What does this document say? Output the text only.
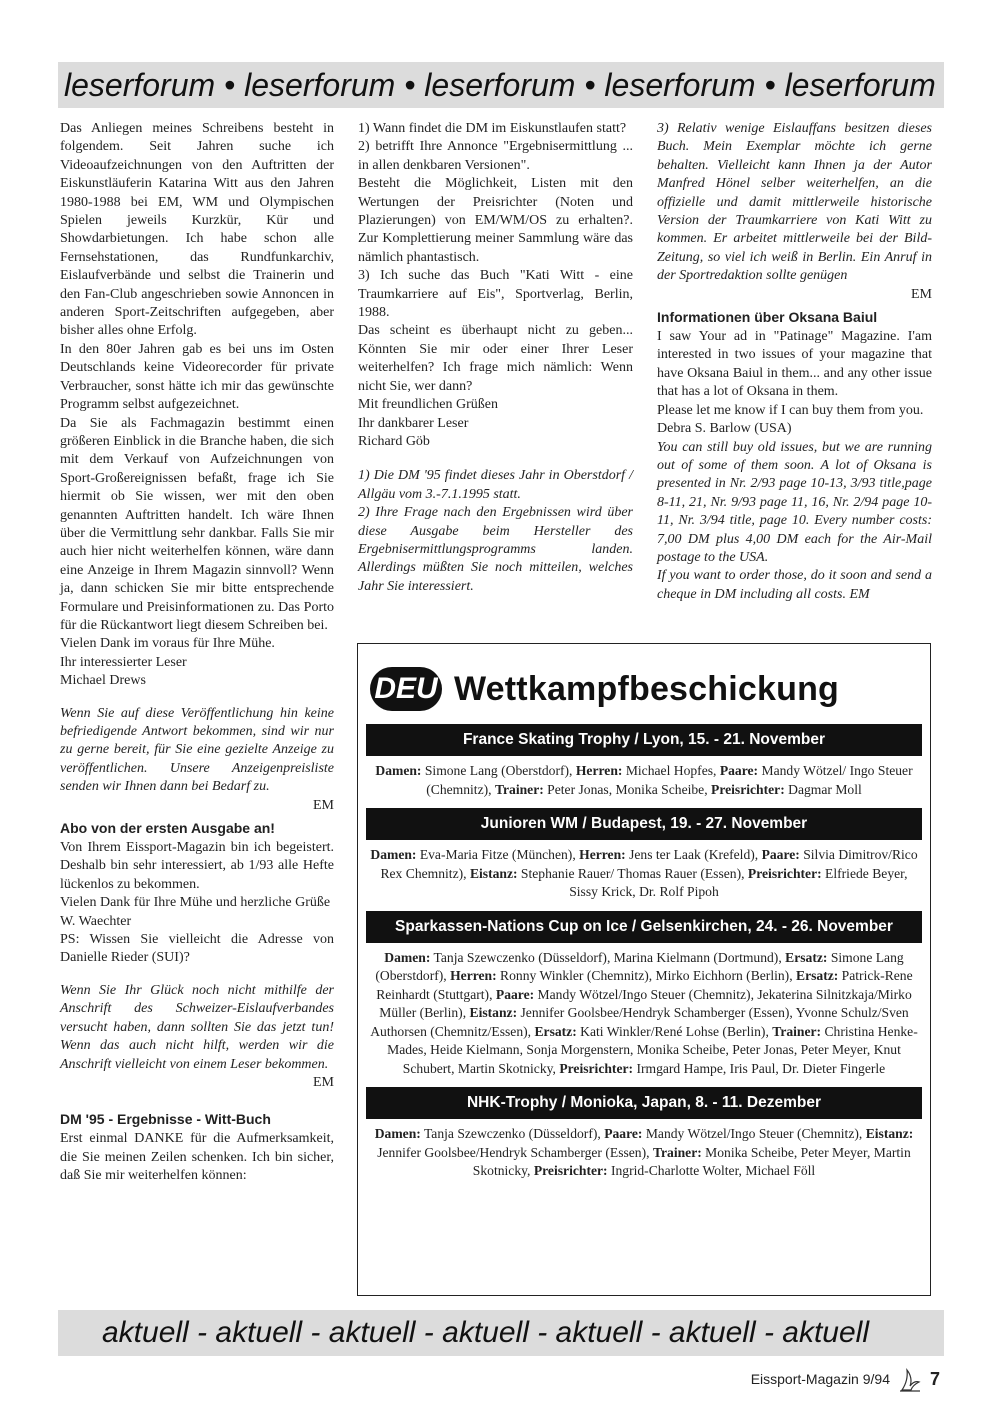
leserforum • leserforum • leserforum • leserforum • leserforum

Das Anliegen meines Schreibens besteht in folgendem. Seit Jahren suche ich Videoaufzeichnungen von den Auftritten der Eiskunstläuferin Katarina Witt aus den Jahren 1980-1988 bei EM, WM und Olympischen Spielen jeweils Kurzkür, Kür und Showdarbietungen. Ich habe schon alle Fernsehstationen, das Rundfunkarchiv, Eislaufverbände und selbst die Trainerin und den Fan-Club angeschrieben sowie Annoncen in anderen Sport-Zeitschriften aufgegeben, aber bisher alles ohne Erfolg.

In den 80er Jahren gab es bei uns im Osten Deutschlands keine Videorecorder für private Verbraucher, sonst hätte ich mir das gewünschte Programm selbst aufgezeichnet.

Da Sie als Fachmagazin bestimmt einen größeren Einblick in die Branche haben, die sich mit dem Verkauf von Aufzeichnungen von Sport-Großereignissen befaßt, frage ich Sie hiermit ob Sie wissen, wer mit den oben genannten Auftritten handelt. Ich wäre Ihnen über die Vermittlung sehr dankbar. Falls Sie mir auch hier nicht weiterhelfen können, wäre dann eine Anzeige in Ihrem Magazin sinnvoll? Wenn ja, dann schicken Sie mir bitte entsprechende Formulare und Preisinformationen zu. Das Porto für die Rückantwort liegt diesem Schreiben bei.

Vielen Dank im voraus für Ihre Mühe.

Ihr interessierter Leser

Michael Drews

Wenn Sie auf diese Veröffentlichung hin keine befriedigende Antwort bekommen, sind wir nur zu gerne bereit, für Sie eine gezielte Anzeige zu veröffentlichen. Unsere Anzeigenpreisliste senden wir Ihnen dann bei Bedarf zu.

EM

Abo von der ersten Ausgabe an!

Von Ihrem Eissport-Magazin bin ich begeistert. Deshalb bin sehr interessiert, ab 1/93 alle Hefte lückenlos zu bekommen.

Vielen Dank für Ihre Mühe und herzliche Grüße

W. Waechter

PS: Wissen Sie vielleicht die Adresse von Danielle Rieder (SUI)?

Wenn Sie Ihr Glück noch nicht mithilfe der Anschrift des Schweizer-Eislaufverbandes versucht haben, dann sollten Sie das jetzt tun! Wenn das auch nicht hilft, werden wir die Anschrift vielleicht von einem Leser bekommen.

EM

DM '95 - Ergebnisse - Witt-Buch

Erst einmal DANKE für die Aufmerksamkeit, die Sie meinen Zeilen schenken. Ich bin sicher, daß Sie mir weiterhelfen können:

1) Wann findet die DM im Eiskunstlaufen statt?

2) betrifft Ihre Annonce "Ergebnisermittlung ... in allen denkbaren Versionen".

Besteht die Möglichkeit, Listen mit den Wertungen der Preisrichter (Noten und Plazierungen) von EM/WM/OS zu erhalten?. Zur Komplettierung meiner Sammlung wäre das nämlich phantastisch.

3) Ich suche das Buch "Kati Witt - eine Traumkarriere auf Eis", Sportverlag, Berlin, 1988.

Das scheint es überhaupt nicht zu geben... Könnten Sie mir oder einer Ihrer Leser weiterhelfen? Ich frage mich nämlich: Wenn nicht Sie, wer dann?

Mit freundlichen Grüßen

Ihr dankbarer Leser

Richard Göb

1) Die DM '95 findet dieses Jahr in Oberstdorf / Allgäu vom 3.-7.1.1995 statt.

2) Ihre Frage nach den Ergebnissen wird über diese Ausgabe beim Hersteller des Ergebnisermittlungsprogramms landen. Allerdings müßten Sie noch mitteilen, welches Jahr Sie interessiert.

3) Relativ wenige Eislauffans besitzen dieses Buch. Mein Exemplar möchte ich gerne behalten. Vielleicht kann Ihnen ja der Autor Manfred Hönel selber weiterhelfen, an die offizielle und damit mittlerweile historische Version der Traumkarriere von Kati Witt zu kommen. Er arbeitet mittlerweile bei der Bild-Zeitung, so viel ich weiß in Berlin. Ein Anruf in der Sportredaktion sollte genügen

EM

Informationen über Oksana Baiul

I saw Your ad in "Patinage" Magazine. I'am interested in two issues of your magazine that have Oksana Baiul in them... and any other issue that has a lot of Oksana in them.

Please let me know if I can buy them from you.

Debra S. Barlow (USA)

You can still buy old issues, but we are running out of some of them soon. A lot of Oksana is presented in Nr. 2/93 page 10-13, 3/93 title,page 8-11, 21, Nr. 9/93 page 11, 16, Nr. 2/94 page 10-11, Nr. 3/94 title, page 10. Every number costs: 7,00 DM plus 4,00 DM each for the Air-Mail postage to the USA.

If you want to order those, do it soon and send a cheque in DM including all costs. EM

DEU Wettkampfbeschickung
France Skating Trophy / Lyon, 15. - 21. November
Damen: Simone Lang (Oberstdorf), Herren: Michael Hopfes, Paare: Mandy Wötzel/ Ingo Steuer (Chemnitz), Trainer: Peter Jonas, Monika Scheibe, Preisrichter: Dagmar Moll
Junioren WM / Budapest, 19. - 27. November
Damen: Eva-Maria Fitze (München), Herren: Jens ter Laak (Krefeld), Paare: Silvia Dimitrov/Rico Rex Chemnitz), Eistanz: Stephanie Rauer/ Thomas Rauer (Essen), Preisrichter: Elfriede Beyer, Sissy Krick, Dr. Rolf Pipoh
Sparkassen-Nations Cup on Ice / Gelsenkirchen, 24. - 26. November
Damen: Tanja Szewczenko (Düsseldorf), Marina Kielmann (Dortmund), Ersatz: Simone Lang (Oberstdorf), Herren: Ronny Winkler (Chemnitz), Mirko Eichhorn (Berlin), Ersatz: Patrick-Rene Reinhardt (Stuttgart), Paare: Mandy Wötzel/Ingo Steuer (Chemnitz), Jekaterina Silnitzkaja/Mirko Müller (Berlin), Eistanz: Jennifer Goolsbee/Hendryk Schamberger (Essen), Yvonne Schulz/Sven Authorsen (Chemnitz/Essen), Ersatz: Kati Winkler/René Lohse (Berlin), Trainer: Christina Henke-Mades, Heide Kielmann, Sonja Morgenstern, Monika Scheibe, Peter Jonas, Peter Meyer, Knut Schubert, Martin Skotnicky, Preisrichter: Irmgard Hampe, Iris Paul, Dr. Dieter Fingerle
NHK-Trophy / Monioka, Japan, 8. - 11. Dezember
Damen: Tanja Szewczenko (Düsseldorf), Paare: Mandy Wötzel/Ingo Steuer (Chemnitz), Eistanz: Jennifer Goolsbee/Hendryk Schamberger (Essen), Trainer: Monika Scheibe, Peter Meyer, Martin Skotnicky, Preisrichter: Ingrid-Charlotte Wolter, Michael Föll
aktuell - aktuell - aktuell - aktuell - aktuell - aktuell - aktuell
Eissport-Magazin 9/94 7
